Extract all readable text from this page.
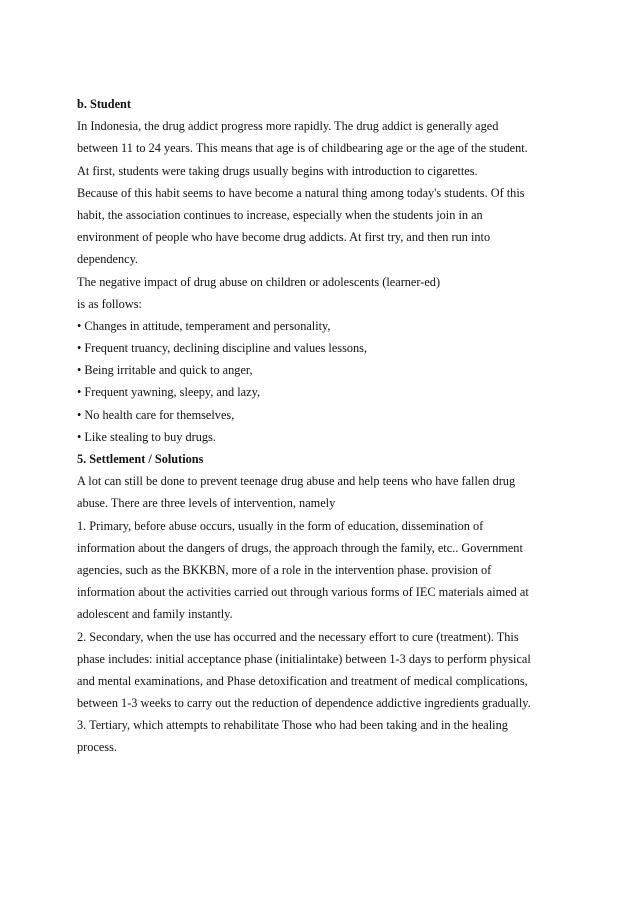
b. Student
In Indonesia, the drug addict progress more rapidly. The drug addict is generally aged
between 11 to 24 years. This means that age is of childbearing age or the age of the student.
At first, students were taking drugs usually begins with introduction to cigarettes.
Because of this habit seems to have become a natural thing among today's students. Of this
habit, the association continues to increase, especially when the students join in an
environment of people who have become drug addicts. At first try, and then run into
dependency.
The negative impact of drug abuse on children or adolescents (learner-ed)
is as follows:
• Changes in attitude, temperament and personality,
• Frequent truancy, declining discipline and values lessons,
• Being irritable and quick to anger,
• Frequent yawning, sleepy, and lazy,
• No health care for themselves,
• Like stealing to buy drugs.
5. Settlement / Solutions
A lot can still be done to prevent teenage drug abuse and help teens who have fallen drug
abuse. There are three levels of intervention, namely
1. Primary, before abuse occurs, usually in the form of education, dissemination of
information about the dangers of drugs, the approach through the family, etc.. Government
agencies, such as the BKKBN, more of a role in the intervention phase. provision of
information about the activities carried out through various forms of IEC materials aimed at
adolescent and family instantly.
2. Secondary, when the use has occurred and the necessary effort to cure (treatment). This
phase includes: initial acceptance phase (initialintake) between 1-3 days to perform physical
and mental examinations, and Phase detoxification and treatment of medical complications,
between 1-3 weeks to carry out the reduction of dependence addictive ingredients gradually.
3. Tertiary, which attempts to rehabilitate Those who had been taking and in the healing
process.
